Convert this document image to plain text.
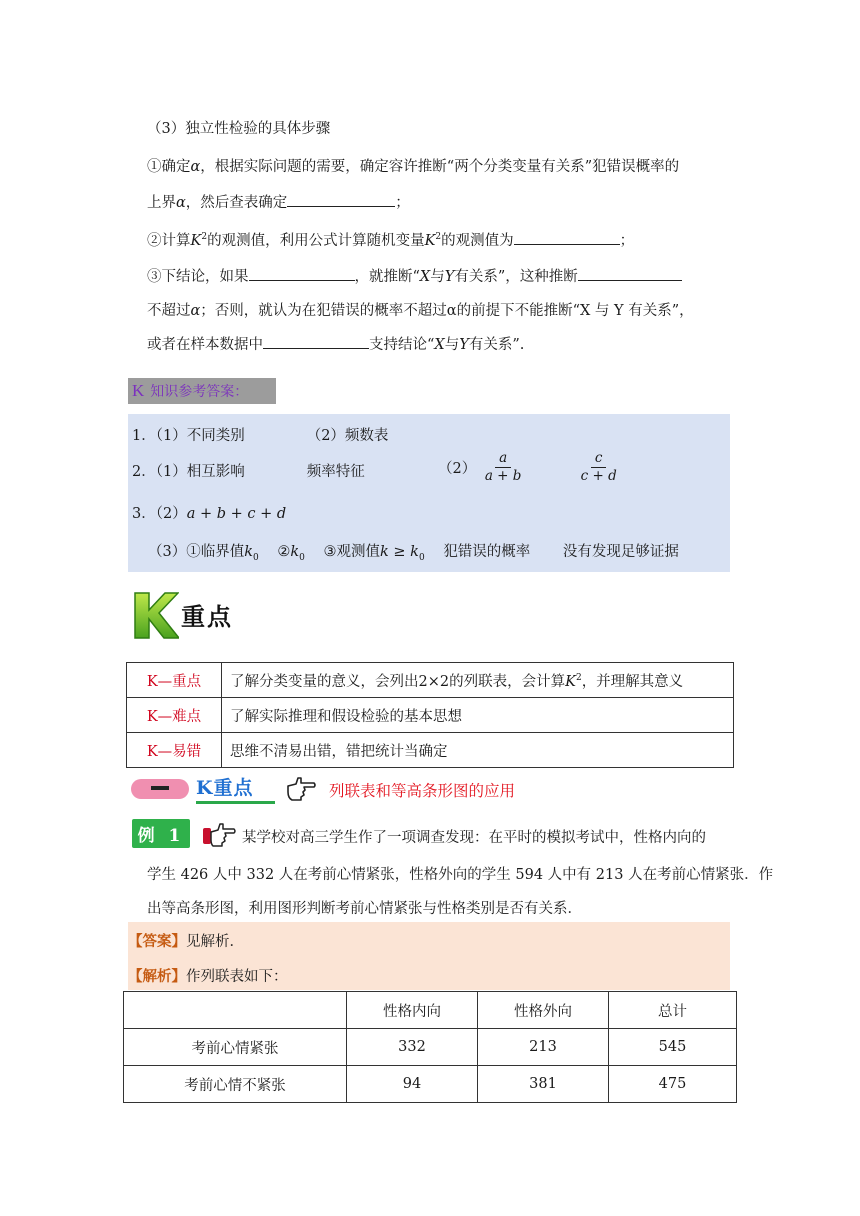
（3）独立性检验的具体步骤
①确定α，根据实际问题的需要，确定容许推断“两个分类变量有关系”犯错误概率的
上界α，然后查表确定	；
②计算$K^2$的观测值，利用公式计算随机变量$K^2$的观测值为	；
③下结论，如果	，就推断“X与Y有关系”，这种推断
不超过α；否则，就认为在犯错误的概率不超过α的前提下不能推断“X 与 Y 有关系”，
或者在样本数据中	支持结论“X与Y有关系”.
K 知识参考答案：
1．（1）不同类别	（2）频数表
2．（1）相互影响	频率特征	$(2) \frac{a}{a + b}$
	$\frac{c}{c + d}$
3．（2）a + b + c + d
（3）①临界值$k_0$ $②k_0$ ③观测值$k \ge k_0$ 犯错误的概率 没有发现足够证据
重点
K—重点	了解分类变量的意义，会列出2×2的列联表，会计算$K^2$，并理解其意义
K—难点	了解实际推理和假设检验的基本思想
K—易错	思维不清易出错，错把统计当确定
K重点	列联表和等高条形图的应用
例 1	某学校对高三学生作了一项调查发现：在平时的模拟考试中，性格内向的
学生 426 人中 332 人在考前心情紧张，性格外向的学生 594 人中有 213 人在考前心情紧张．作
出等高条形图，利用图形判断考前心情紧张与性格类别是否有关系．
【答案】见解析．
【解析】作列联表如下：
	性格内向	性格外向	总计
考前心情紧张	332	213	545
考前心情不紧张	94	381	475
